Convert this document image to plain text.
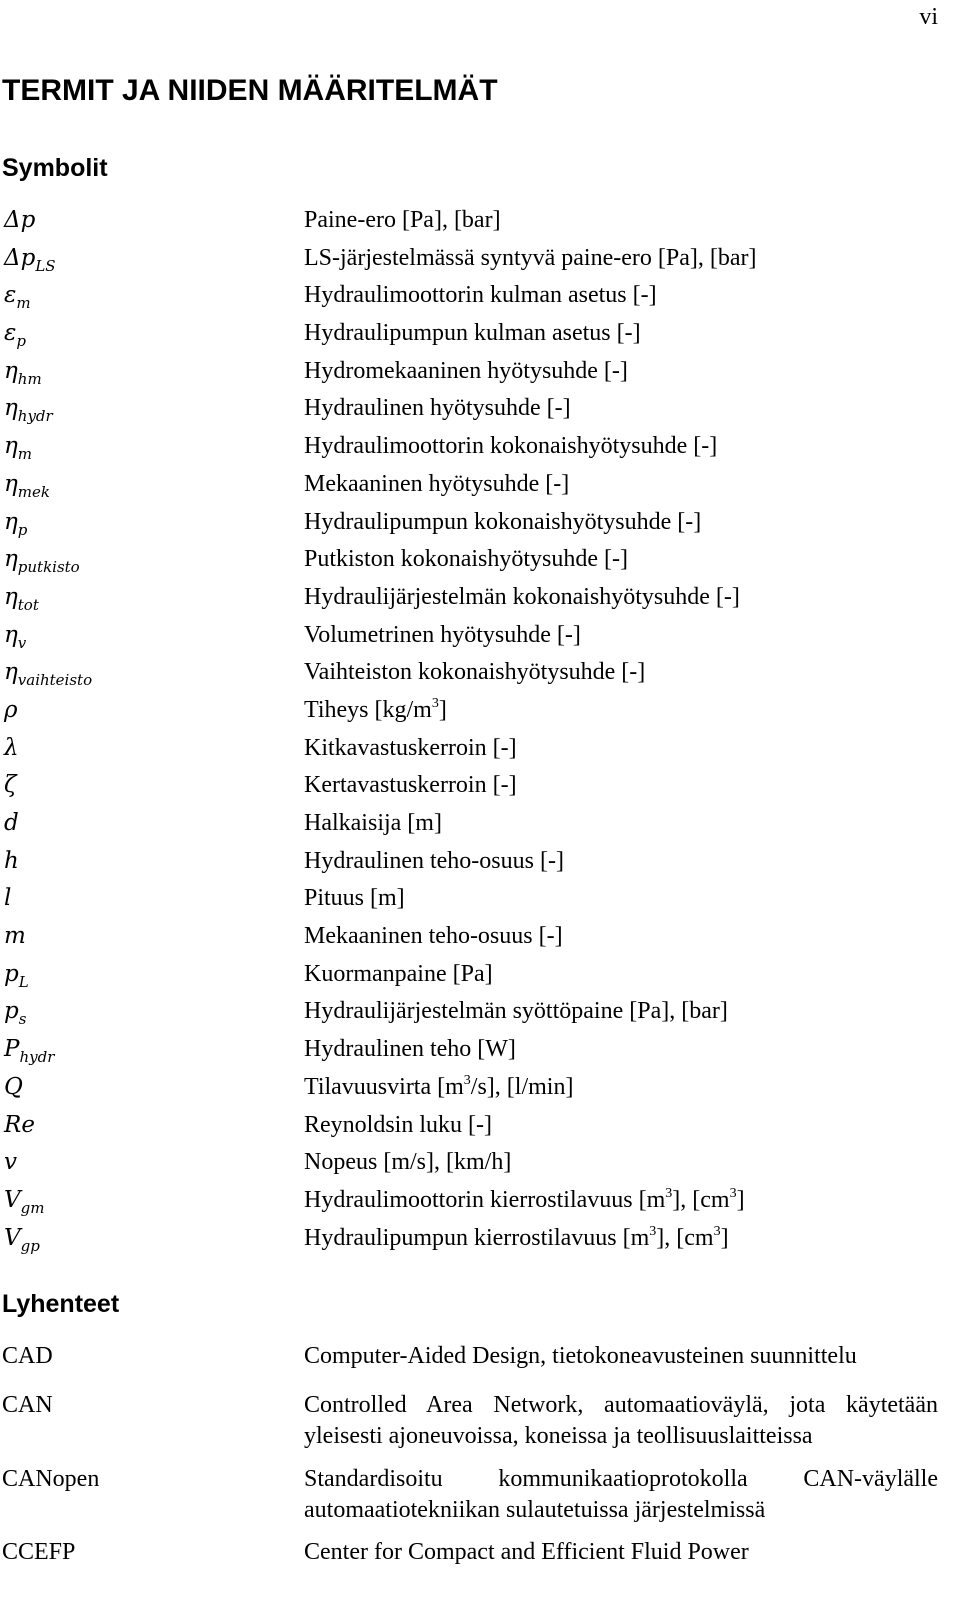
vi
TERMIT JA NIIDEN MÄÄRITELMÄT
Symbolit
Δp	Paine-ero [Pa], [bar]
$\Delta p_{LS}$	LS-järjestelmässä syntyvä paine-ero [Pa], [bar]
$\varepsilon_m$	Hydraulimoottorin kulman asetus [-]
$\varepsilon_p$	Hydraulipumpun kulman asetus [-]
$\eta_{hm}$	Hydromekaaninen hyötysuhde [-]
$\eta_{hydr}$	Hydraulinen hyötysuhde [-]
$\eta_m$	Hydraulimoottorin kokonaishyötysuhde [-]
$\eta_{mek}$	Mekaaninen hyötysuhde [-]
$\eta_p$	Hydraulipumpun kokonaishyötysuhde [-]
$\eta_{putkisto}$	Putkiston kokonaishyötysuhde [-]
$\eta_{tot}$	Hydraulijärjestelmän kokonaishyötysuhde [-]
$\eta_v$	Volumetrinen hyötysuhde [-]
$\eta_{vaihteisto}$	Vaihteiston kokonaishyötysuhde [-]
ρ	Tiheys $[kg/m^3]$
λ	Kitkavastuskerroin [-]
ζ	Kertavastuskerroin [-]
d	Halkaisija [m]
h	Hydraulinen teho-osuus [-]
l	Pituus [m]
m	Mekaaninen teho-osuus [-]
$p_L$	Kuormanpaine [Pa]
$p_s$	Hydraulijärjestelmän syöttöpaine [Pa], [bar]
$P_{hydr}$	Hydraulinen teho [W]
Q	Tilavuusvirta $[m^3/s]$, [l/min]
Re	Reynoldsin luku [-]
v	Nopeus [m/s], [km/h]
$V_{gm}$	Hydraulimoottorin kierrostilavuus $[m^3]$, $[cm^3]$
$V_{gp}$	Hydraulipumpun kierrostilavuus $[m^3]$, $[cm^3]$
Lyhenteet
CAD	Computer-Aided Design, tietokoneavusteinen suunnittelu
CAN	Controlled Area Network, automaatioväylä, jota käytetään
yleisesti ajoneuvoissa, koneissa ja teollisuuslaitteissa
CANopen	Standardisoitu kommunikaatioprotokolla CAN-väylälle
automaatiotekniikan sulautetuissa järjestelmissä
CCEFP	Center for Compact and Efficient Fluid Power
